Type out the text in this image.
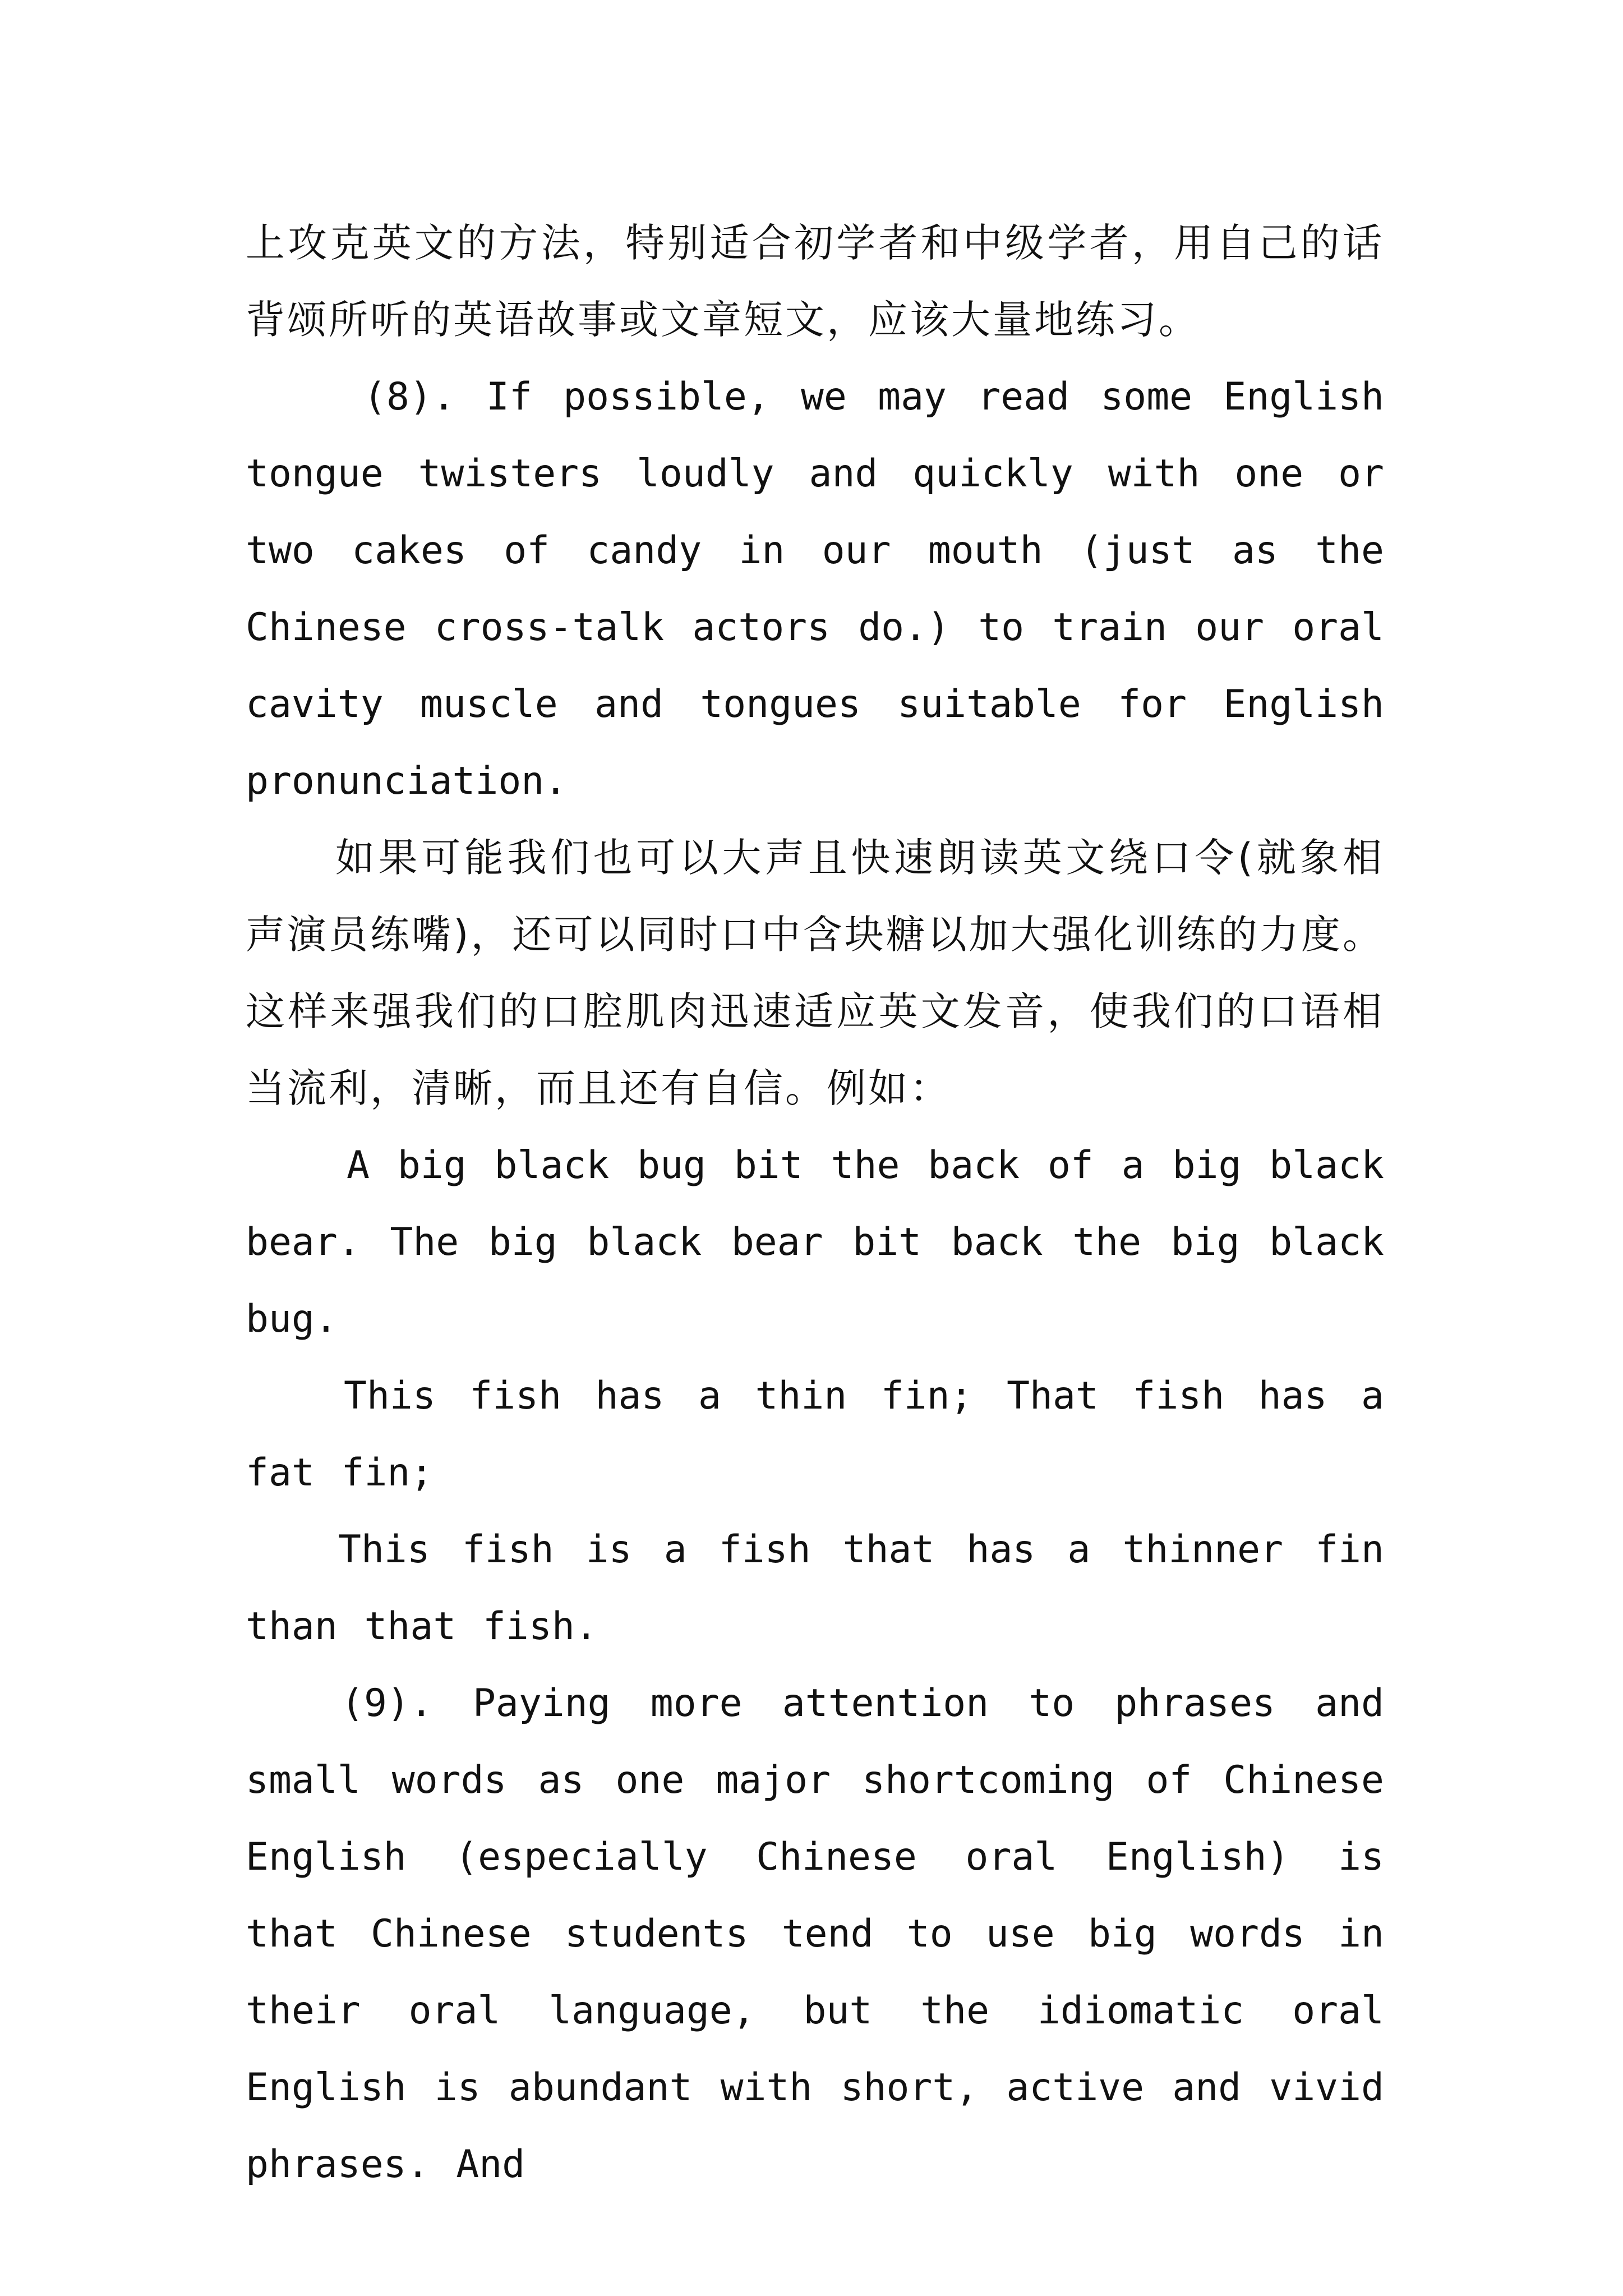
上攻克英文的方法，特别适合初学者和中级学者，用自己的话背颂所听的英语故事或文章短文，应该大量地练习。

(8). If possible, we may read some English tongue twisters loudly and quickly with one or two cakes of candy in our mouth (just as the Chinese cross-talk actors do.) to train our oral cavity muscle and tongues suitable for English pronunciation.

如果可能我们也可以大声且快速朗读英文绕口令(就象相声演员练嘴)，还可以同时口中含块糖以加大强化训练的力度。这样来强我们的口腔肌肉迅速适应英文发音，使我们的口语相当流利，清晰，而且还有自信。例如：

A big black bug bit the back of a big black bear. The big black bear bit back the big black bug.

This fish has a thin fin; That fish has a fat fin;

This fish is a fish that has a thinner fin than that fish.

(9). Paying more attention to phrases and small words as one major shortcoming of Chinese English (especially Chinese oral English) is that Chinese students tend to use big words in their oral language, but the idiomatic oral English is abundant with short, active and vivid phrases. And
